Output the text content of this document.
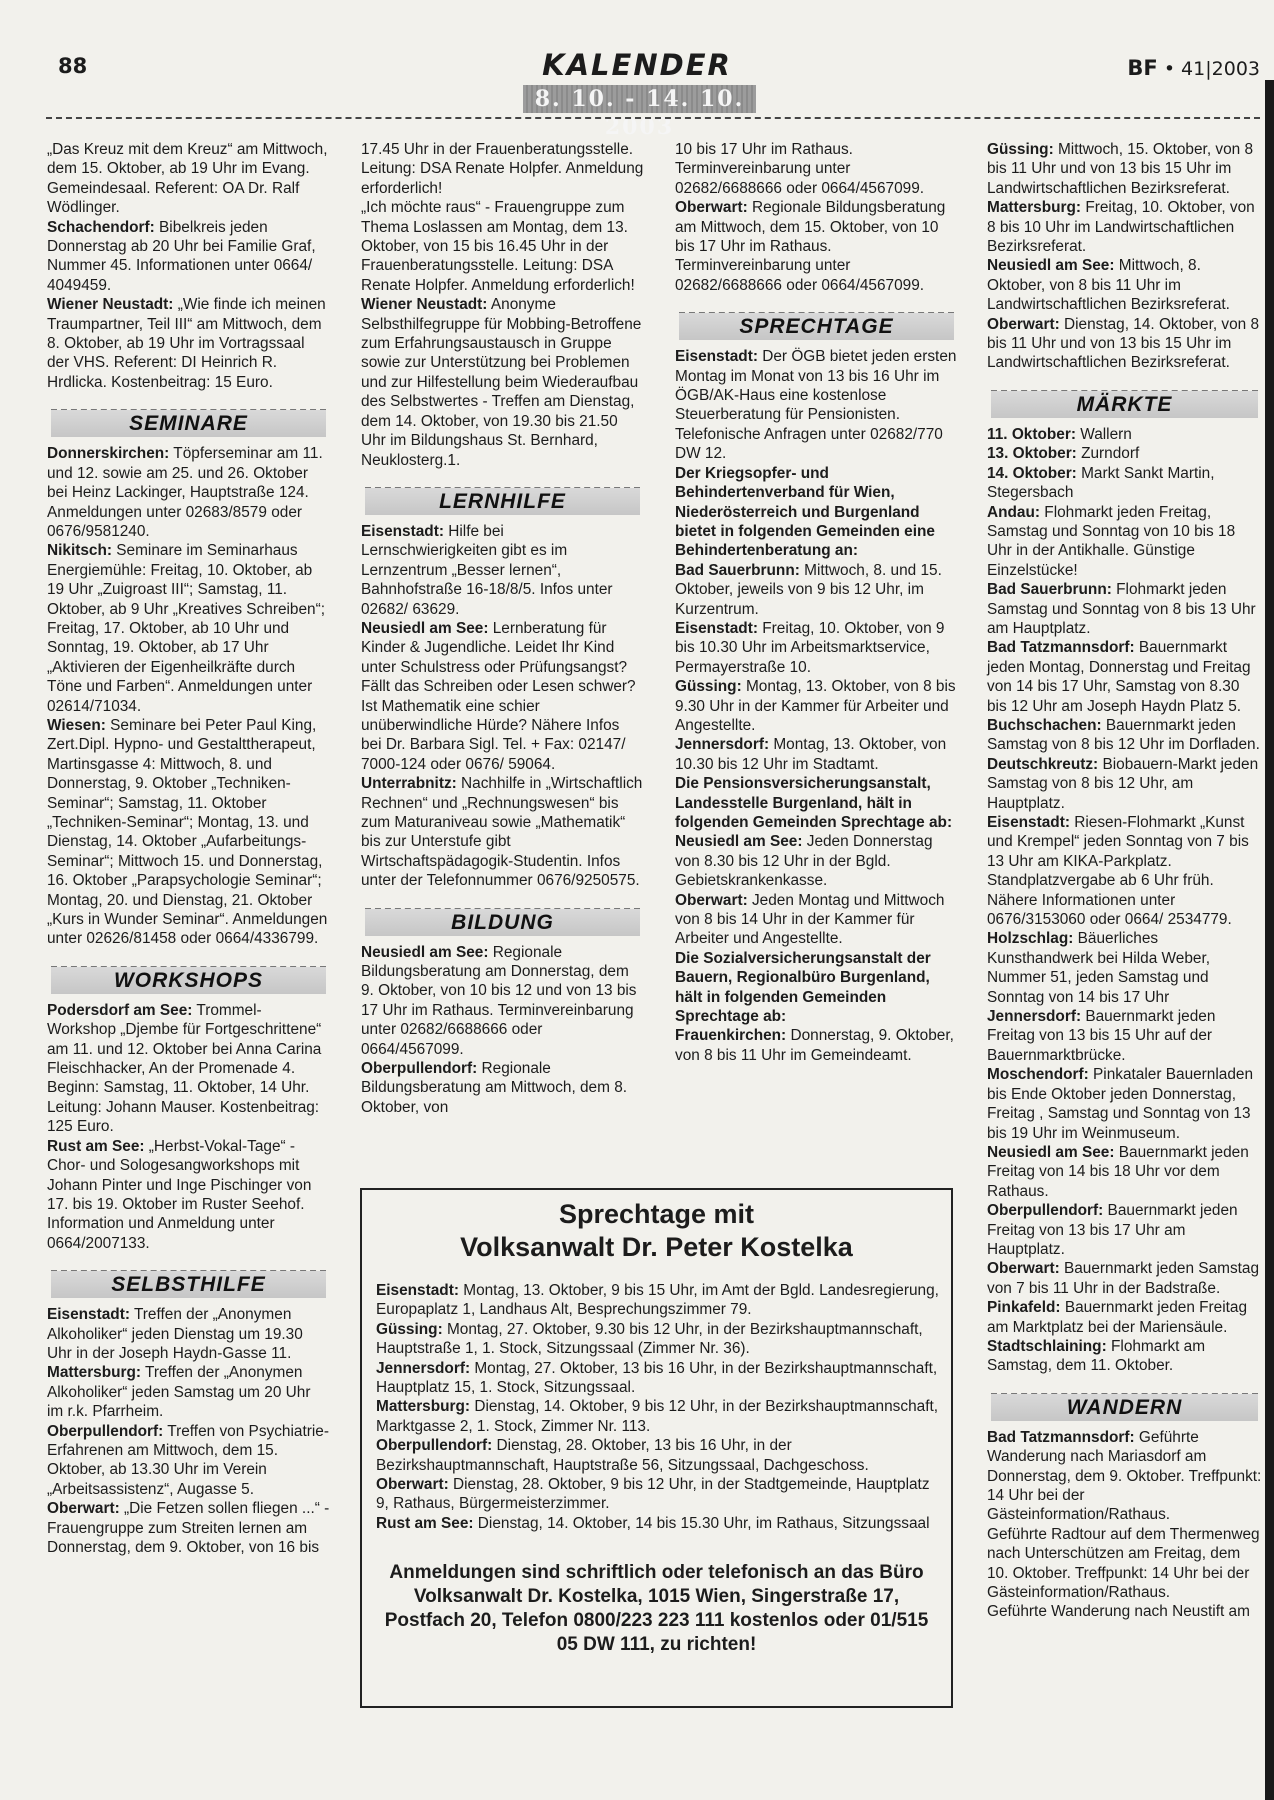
88	KALENDER
8. 10. - 14. 10. 2003
BF • 41|2003

„Das Kreuz mit dem Kreuz“ am Mittwoch, dem 15. Oktober, ab 19 Uhr im Evang. Gemeindesaal. Referent: OA Dr. Ralf Wödlinger.

Schachendorf: Bibelkreis jeden Donnerstag ab 20 Uhr bei Familie Graf, Nummer 45. Informationen unter 0664/ 4049459.

Wiener Neustadt: „Wie finde ich meinen Traumpartner, Teil III“ am Mittwoch, dem 8. Oktober, ab 19 Uhr im Vortragssaal der VHS. Referent: DI Heinrich R. Hrdlicka. Kostenbeitrag: 15 Euro.

SEMINARE

Donnerskirchen: Töpferseminar am 11. und 12. sowie am 25. und 26. Oktober bei Heinz Lackinger, Hauptstraße 124. Anmeldungen unter 02683/8579 oder 0676/9581240.

Nikitsch: Seminare im Seminarhaus Energiemühle: Freitag, 10. Oktober, ab 19 Uhr „Zuigroast III“; Samstag, 11. Oktober, ab 9 Uhr „Kreatives Schreiben“; Freitag, 17. Oktober, ab 10 Uhr und Sonntag, 19. Oktober, ab 17 Uhr „Aktivieren der Eigenheilkräfte durch Töne und Farben“. Anmeldungen unter 02614/71034.

Wiesen: Seminare bei Peter Paul King, Zert.Dipl. Hypno- und Gestalttherapeut, Martinsgasse 4: Mittwoch, 8. und Donnerstag, 9. Oktober „Techniken-Seminar“; Samstag, 11. Oktober „Techniken-Seminar“; Montag, 13. und Dienstag, 14. Oktober „Aufarbeitungs-Seminar“; Mittwoch 15. und Donnerstag, 16. Oktober „Parapsychologie Seminar“; Montag, 20. und Dienstag, 21. Oktober „Kurs in Wunder Seminar“. Anmeldungen unter 02626/81458 oder 0664/4336799.

WORKSHOPS

Podersdorf am See: Trommel-Workshop „Djembe für Fortgeschrittene“ am 11. und 12. Oktober bei Anna Carina Fleischhacker, An der Promenade 4. Beginn: Samstag, 11. Oktober, 14 Uhr. Leitung: Johann Mauser. Kostenbeitrag: 125 Euro.

Rust am See: „Herbst-Vokal-Tage“ - Chor- und Sologesangworkshops mit Johann Pinter und Inge Pischinger von 17. bis 19. Oktober im Ruster Seehof. Information und Anmeldung unter 0664/2007133.

SELBSTHILFE

Eisenstadt: Treffen der „Anonymen Alkoholiker“ jeden Dienstag um 19.30 Uhr in der Joseph Haydn-Gasse 11.

Mattersburg: Treffen der „Anonymen Alkoholiker“ jeden Samstag um 20 Uhr im r.k. Pfarrheim.

Oberpullendorf: Treffen von Psychiatrie-Erfahrenen am Mittwoch, dem 15. Oktober, ab 13.30 Uhr im Verein „Arbeitsassistenz“, Augasse 5.

Oberwart: „Die Fetzen sollen fliegen ...“ - Frauengruppe zum Streiten lernen am Donnerstag, dem 9. Oktober, von 16 bis

17.45 Uhr in der Frauenberatungsstelle. Leitung: DSA Renate Holpfer. Anmeldung erforderlich!

„Ich möchte raus“ - Frauengruppe zum Thema Loslassen am Montag, dem 13. Oktober, von 15 bis 16.45 Uhr in der Frauenberatungsstelle. Leitung: DSA Renate Holpfer. Anmeldung erforderlich!

Wiener Neustadt: Anonyme Selbsthilfegruppe für Mobbing-Betroffene zum Erfahrungsaustausch in Gruppe sowie zur Unterstützung bei Problemen und zur Hilfestellung beim Wiederaufbau des Selbstwertes - Treffen am Dienstag, dem 14. Oktober, von 19.30 bis 21.50 Uhr im Bildungshaus St. Bernhard, Neuklosterg.1.

LERNHILFE

Eisenstadt: Hilfe bei Lernschwierigkeiten gibt es im Lernzentrum „Besser lernen“, Bahnhofstraße 16-18/8/5. Infos unter 02682/ 63629.

Neusiedl am See: Lernberatung für Kinder & Jugendliche. Leidet Ihr Kind unter Schulstress oder Prüfungsangst? Fällt das Schreiben oder Lesen schwer? Ist Mathematik eine schier unüberwindliche Hürde? Nähere Infos bei Dr. Barbara Sigl. Tel. + Fax: 02147/ 7000-124 oder 0676/ 59064.

Unterrabnitz: Nachhilfe in „Wirtschaftlich Rechnen“ und „Rechnungswesen“ bis zum Maturaniveau sowie „Mathematik“ bis zur Unterstufe gibt Wirtschaftspädagogik-Studentin. Infos unter der Telefonnummer 0676/9250575.

BILDUNG

Neusiedl am See: Regionale Bildungsberatung am Donnerstag, dem 9. Oktober, von 10 bis 12 und von 13 bis 17 Uhr im Rathaus. Terminvereinbarung unter 02682/6688666 oder 0664/4567099.

Oberpullendorf: Regionale Bildungsberatung am Mittwoch, dem 8. Oktober, von

10 bis 17 Uhr im Rathaus. Terminvereinbarung unter 02682/6688666 oder 0664/4567099.

Oberwart: Regionale Bildungsberatung am Mittwoch, dem 15. Oktober, von 10 bis 17 Uhr im Rathaus. Terminvereinbarung unter 02682/6688666 oder 0664/4567099.

SPRECHTAGE

Eisenstadt: Der ÖGB bietet jeden ersten Montag im Monat von 13 bis 16 Uhr im ÖGB/AK-Haus eine kostenlose Steuerberatung für Pensionisten. Telefonische Anfragen unter 02682/770 DW 12.

Der Kriegsopfer- und Behindertenverband für Wien, Niederösterreich und Burgenland bietet in folgenden Gemeinden eine Behindertenberatung an:

Bad Sauerbrunn: Mittwoch, 8. und 15. Oktober, jeweils von 9 bis 12 Uhr, im Kurzentrum.

Eisenstadt: Freitag, 10. Oktober, von 9 bis 10.30 Uhr im Arbeitsmarktservice, Permayerstraße 10.

Güssing: Montag, 13. Oktober, von 8 bis 9.30 Uhr in der Kammer für Arbeiter und Angestellte.

Jennersdorf: Montag, 13. Oktober, von 10.30 bis 12 Uhr im Stadtamt.

Die Pensionsversicherungsanstalt, Landesstelle Burgenland, hält in folgenden Gemeinden Sprechtage ab:

Neusiedl am See: Jeden Donnerstag von 8.30 bis 12 Uhr in der Bgld. Gebietskrankenkasse.

Oberwart: Jeden Montag und Mittwoch von 8 bis 14 Uhr in der Kammer für Arbeiter und Angestellte.

Die Sozialversicherungsanstalt der Bauern, Regionalbüro Burgenland, hält in folgenden Gemeinden Sprechtage ab:

Frauenkirchen: Donnerstag, 9. Oktober, von 8 bis 11 Uhr im Gemeindeamt.

Güssing: Mittwoch, 15. Oktober, von 8 bis 11 Uhr und von 13 bis 15 Uhr im Landwirtschaftlichen Bezirksreferat.

Mattersburg: Freitag, 10. Oktober, von 8 bis 10 Uhr im Landwirtschaftlichen Bezirksreferat.

Neusiedl am See: Mittwoch, 8. Oktober, von 8 bis 11 Uhr im Landwirtschaftlichen Bezirksreferat.

Oberwart: Dienstag, 14. Oktober, von 8 bis 11 Uhr und von 13 bis 15 Uhr im Landwirtschaftlichen Bezirksreferat.

MÄRKTE

11. Oktober: Wallern

13. Oktober: Zurndorf

14. Oktober: Markt Sankt Martin, Stegersbach

Andau: Flohmarkt jeden Freitag, Samstag und Sonntag von 10 bis 18 Uhr in der Antikhalle. Günstige Einzelstücke!

Bad Sauerbrunn: Flohmarkt jeden Samstag und Sonntag von 8 bis 13 Uhr am Hauptplatz.

Bad Tatzmannsdorf: Bauernmarkt jeden Montag, Donnerstag und Freitag von 14 bis 17 Uhr, Samstag von 8.30 bis 12 Uhr am Joseph Haydn Platz 5.

Buchschachen: Bauernmarkt jeden Samstag von 8 bis 12 Uhr im Dorfladen.

Deutschkreutz: Biobauern-Markt jeden Samstag von 8 bis 12 Uhr, am Hauptplatz.

Eisenstadt: Riesen-Flohmarkt „Kunst und Krempel“ jeden Sonntag von 7 bis 13 Uhr am KIKA-Parkplatz. Standplatzvergabe ab 6 Uhr früh. Nähere Informationen unter 0676/3153060 oder 0664/ 2534779.

Holzschlag: Bäuerliches Kunsthandwerk bei Hilda Weber, Nummer 51, jeden Samstag und Sonntag von 14 bis 17 Uhr

Jennersdorf: Bauernmarkt jeden Freitag von 13 bis 15 Uhr auf der Bauernmarktbrücke.

Moschendorf: Pinkataler Bauernladen bis Ende Oktober jeden Donnerstag, Freitag , Samstag und Sonntag von 13 bis 19 Uhr im Weinmuseum.

Neusiedl am See: Bauernmarkt jeden Freitag von 14 bis 18 Uhr vor dem Rathaus.

Oberpullendorf: Bauernmarkt jeden Freitag von 13 bis 17 Uhr am Hauptplatz.

Oberwart: Bauernmarkt jeden Samstag von 7 bis 11 Uhr in der Badstraße.

Pinkafeld: Bauernmarkt jeden Freitag am Marktplatz bei der Mariensäule.

Stadtschlaining: Flohmarkt am Samstag, dem 11. Oktober.

WANDERN

Bad Tatzmannsdorf: Geführte Wanderung nach Mariasdorf am Donnerstag, dem 9. Oktober. Treffpunkt: 14 Uhr bei der Gästeinformation/Rathaus.

Geführte Radtour auf dem Thermenweg nach Unterschützen am Freitag, dem 10. Oktober. Treffpunkt: 14 Uhr bei der Gästeinformation/Rathaus.

Geführte Wanderung nach Neustift am

Sprechtage mit
Volksanwalt Dr. Peter Kostelka

Eisenstadt: Montag, 13. Oktober, 9 bis 15 Uhr, im Amt der Bgld. Landesregierung, Europaplatz 1, Landhaus Alt, Besprechungszimmer 79.

Güssing: Montag, 27. Oktober, 9.30 bis 12 Uhr, in der Bezirkshauptmannschaft, Hauptstraße 1, 1. Stock, Sitzungssaal (Zimmer Nr. 36).

Jennersdorf: Montag, 27. Oktober, 13 bis 16 Uhr, in der Bezirkshauptmannschaft, Hauptplatz 15, 1. Stock, Sitzungssaal.

Mattersburg: Dienstag, 14. Oktober, 9 bis 12 Uhr, in der Bezirkshauptmannschaft, Marktgasse 2, 1. Stock, Zimmer Nr. 113.

Oberpullendorf: Dienstag, 28. Oktober, 13 bis 16 Uhr, in der Bezirkshauptmannschaft, Hauptstraße 56, Sitzungssaal, Dachgeschoss.

Oberwart: Dienstag, 28. Oktober, 9 bis 12 Uhr, in der Stadtgemeinde, Hauptplatz 9, Rathaus, Bürgermeisterzimmer.

Rust am See: Dienstag, 14. Oktober, 14 bis 15.30 Uhr, im Rathaus, Sitzungssaal

Anmeldungen sind schriftlich oder telefonisch an das Büro Volksanwalt Dr. Kostelka, 1015 Wien, Singerstraße 17, Postfach 20, Telefon 0800/223 223 111 kostenlos oder 01/515 05 DW 111, zu richten!
